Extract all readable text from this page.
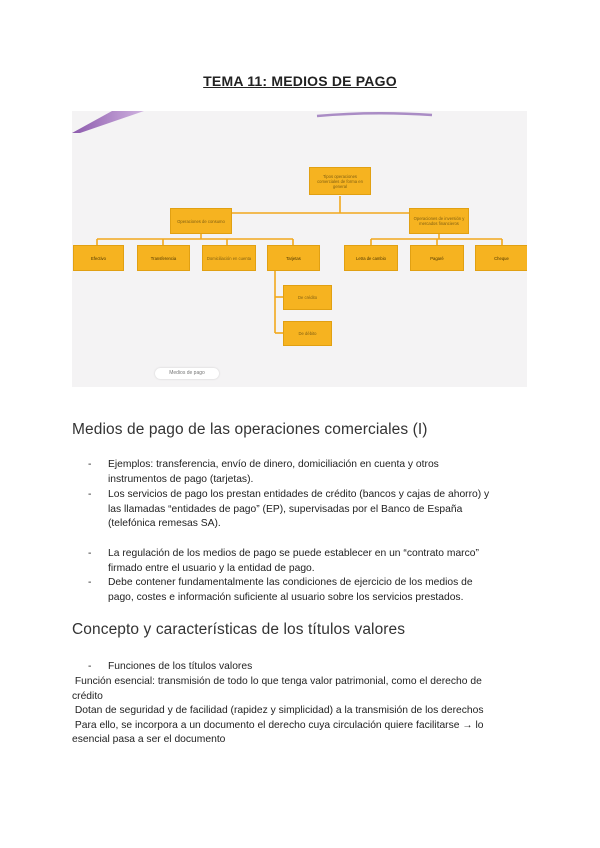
TEMA 11: MEDIOS DE PAGO
Tipos operaciones comerciales de forma en general
Operaciones de consumo	Operaciones de inversión y mercados financieros
Efectivo	Transferencia	Domiciliación en cuenta	Tarjetas	Letra de cambio	Pagaré	Cheque
De crédito
De débito
Medios de pago
Medios de pago de las operaciones comerciales (I)
- Ejemplos: transferencia, envío de dinero, domiciliación en cuenta y otros
instrumentos de pago (tarjetas).
- Los servicios de pago los prestan entidades de crédito (bancos y cajas de ahorro) y
las llamadas “entidades de pago” (EP), supervisadas por el Banco de España
(telefónica remesas SA).
- La regulación de los medios de pago se puede establecer en un “contrato marco”
firmado entre el usuario y la entidad de pago.
- Debe contener fundamentalmente las condiciones de ejercicio de los medios de
pago, costes e información suficiente al usuario sobre los servicios prestados.
Concepto y características de los títulos valores
- Funciones de los títulos valores
Función esencial: transmisión de todo lo que tenga valor patrimonial, como el derecho de
crédito
Dotan de seguridad y de facilidad (rapidez y simplicidad) a la transmisión de los derechos
Para ello, se incorpora a un documento el derecho cuya circulación quiere facilitarse → lo
esencial pasa a ser el documento
